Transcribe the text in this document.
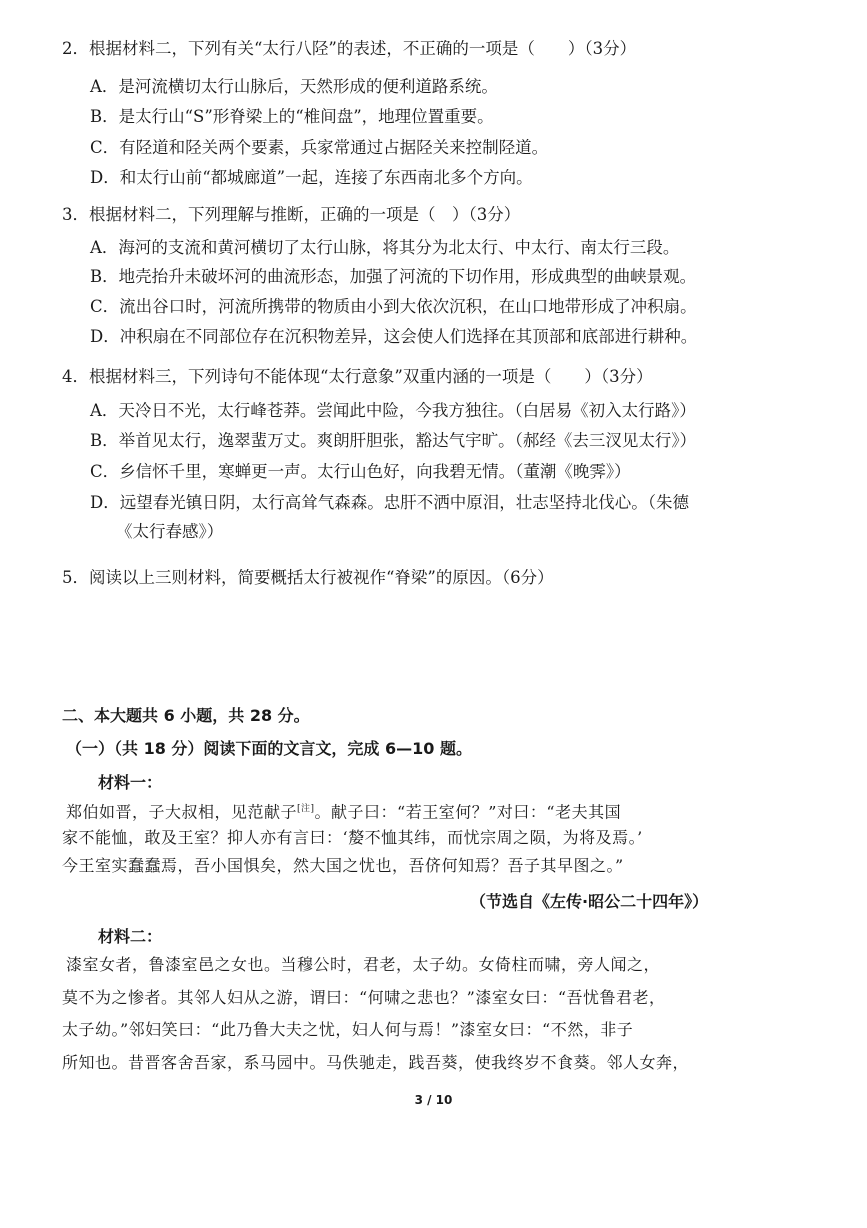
2．根据材料二，下列有关“太行八陉”的表述，不正确的一项是（　　）（3分）
A．是河流横切太行山脉后，天然形成的便利道路系统。
B．是太行山“S”形脊梁上的“椎间盘”，地理位置重要。
C．有陉道和陉关两个要素，兵家常通过占据陉关来控制陉道。
D．和太行山前“都城廊道”一起，连接了东西南北多个方向。
3．根据材料二，下列理解与推断，正确的一项是（　）（3分）
A．海河的支流和黄河横切了太行山脉，将其分为北太行、中太行、南太行三段。
B．地壳抬升未破坏河的曲流形态，加强了河流的下切作用，形成典型的曲峡景观。
C．流出谷口时，河流所携带的物质由小到大依次沉积，在山口地带形成了冲积扇。
D．冲积扇在不同部位存在沉积物差异，这会使人们选择在其顶部和底部进行耕种。
4．根据材料三，下列诗句不能体现“太行意象”双重内涵的一项是（　　）（3分）
A．天冷日不光，太行峰苍莽。尝闻此中险，今我方独往。（白居易《初入太行路》）
B．举首见太行，逸翠蜚万丈。爽朗肝胆张，豁达气宇旷。（郝经《去三汊见太行》）
C．乡信怀千里，寒蝉更一声。太行山色好，向我碧无情。（董潮《晚霁》）
D．远望春光镇日阴，太行高耸气森森。忠肝不洒中原泪，壮志坚持北伐心。（朱德
《太行春感》）
5．阅读以上三则材料，简要概括太行被视作“脊梁”的原因。（6分）
二、本大题共 6 小题，共 28 分。
（一）（共 18 分）阅读下面的文言文，完成 6—10 题。
材料一：
郑伯如晋，子大叔相，见范献子[注]。献子曰：“若王室何？”对曰：“老夫其国
家不能恤，敢及王室？抑人亦有言曰：‘嫠不恤其纬，而忧宗周之陨，为将及焉。’
今王室实蠢蠢焉，吾小国惧矣，然大国之忧也，吾侪何知焉？吾子其早图之。”
（节选自《左传·昭公二十四年》）
材料二：
漆室女者，鲁漆室邑之女也。当穆公时，君老，太子幼。女倚柱而啸，旁人闻之，
莫不为之惨者。其邻人妇从之游，谓曰：“何啸之悲也？”漆室女曰：“吾忧鲁君老，
太子幼。”邻妇笑曰：“此乃鲁大夫之忧，妇人何与焉！”漆室女曰：“不然，非子
所知也。昔晋客舍吾家，系马园中。马佚驰走，践吾葵，使我终岁不食葵。邻人女奔，
3 / 10
